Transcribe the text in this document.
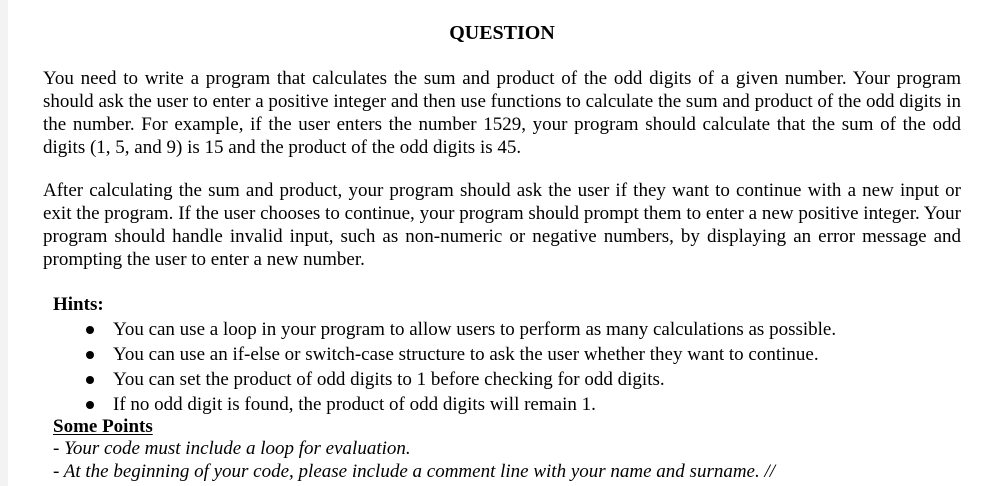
QUESTION

You need to write a program that calculates the sum and product of the odd digits of a given number. Your program should ask the user to enter a positive integer and then use functions to calculate the sum and product of the odd digits in the number. For example, if the user enters the number 1529, your program should calculate that the sum of the odd digits (1, 5, and 9) is 15 and the product of the odd digits is 45.

After calculating the sum and product, your program should ask the user if they want to continue with a new input or exit the program. If the user chooses to continue, your program should prompt them to enter a new positive integer. Your program should handle invalid input, such as non-numeric or negative numbers, by displaying an error message and prompting the user to enter a new number.

Hints:
You can use a loop in your program to allow users to perform as many calculations as possible.
You can use an if-else or switch-case structure to ask the user whether they want to continue.
You can set the product of odd digits to 1 before checking for odd digits.
If no odd digit is found, the product of odd digits will remain 1.
Some Points
- Your code must include a loop for evaluation.
- At the beginning of your code, please include a comment line with your name and surname. //
